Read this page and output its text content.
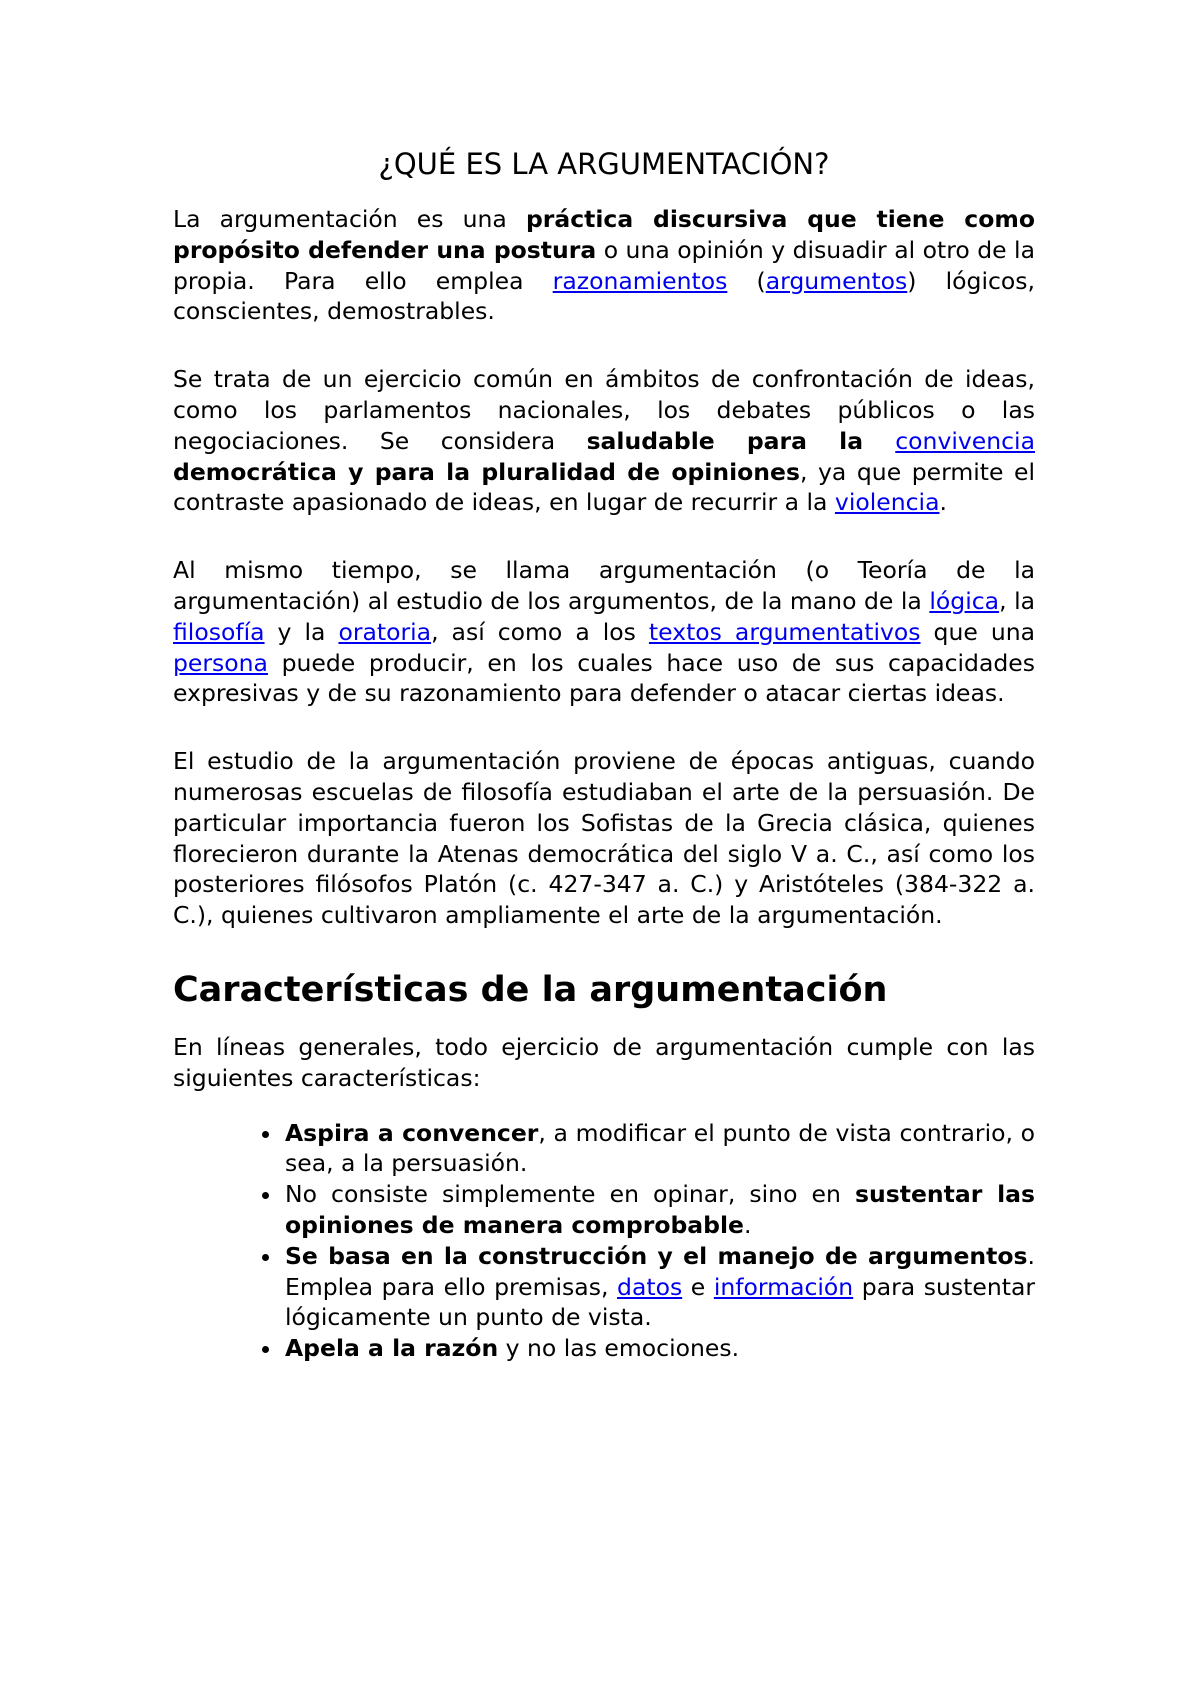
¿QUÉ ES LA ARGUMENTACIÓN?

La argumentación es una práctica discursiva que tiene como propósito defender una postura o una opinión y disuadir al otro de la propia. Para ello emplea razonamientos (argumentos) lógicos, conscientes, demostrables.

Se trata de un ejercicio común en ámbitos de confrontación de ideas, como los parlamentos nacionales, los debates públicos o las negociaciones. Se considera saludable para la convivencia democrática y para la pluralidad de opiniones, ya que permite el contraste apasionado de ideas, en lugar de recurrir a la violencia.

Al mismo tiempo, se llama argumentación (o Teoría de la argumentación) al estudio de los argumentos, de la mano de la lógica, la filosofía y la oratoria, así como a los textos argumentativos que una persona puede producir, en los cuales hace uso de sus capacidades expresivas y de su razonamiento para defender o atacar ciertas ideas.

El estudio de la argumentación proviene de épocas antiguas, cuando numerosas escuelas de filosofía estudiaban el arte de la persuasión. De particular importancia fueron los Sofistas de la Grecia clásica, quienes florecieron durante la Atenas democrática del siglo V a. C., así como los posteriores filósofos Platón (c. 427-347 a. C.) y Aristóteles (384-322 a. C.), quienes cultivaron ampliamente el arte de la argumentación.

Características de la argumentación

En líneas generales, todo ejercicio de argumentación cumple con las siguientes características:

• Aspira a convencer, a modificar el punto de vista contrario, o sea, a la persuasión.
• No consiste simplemente en opinar, sino en sustentar las opiniones de manera comprobable.
• Se basa en la construcción y el manejo de argumentos. Emplea para ello premisas, datos e información para sustentar lógicamente un punto de vista.
• Apela a la razón y no las emociones.
